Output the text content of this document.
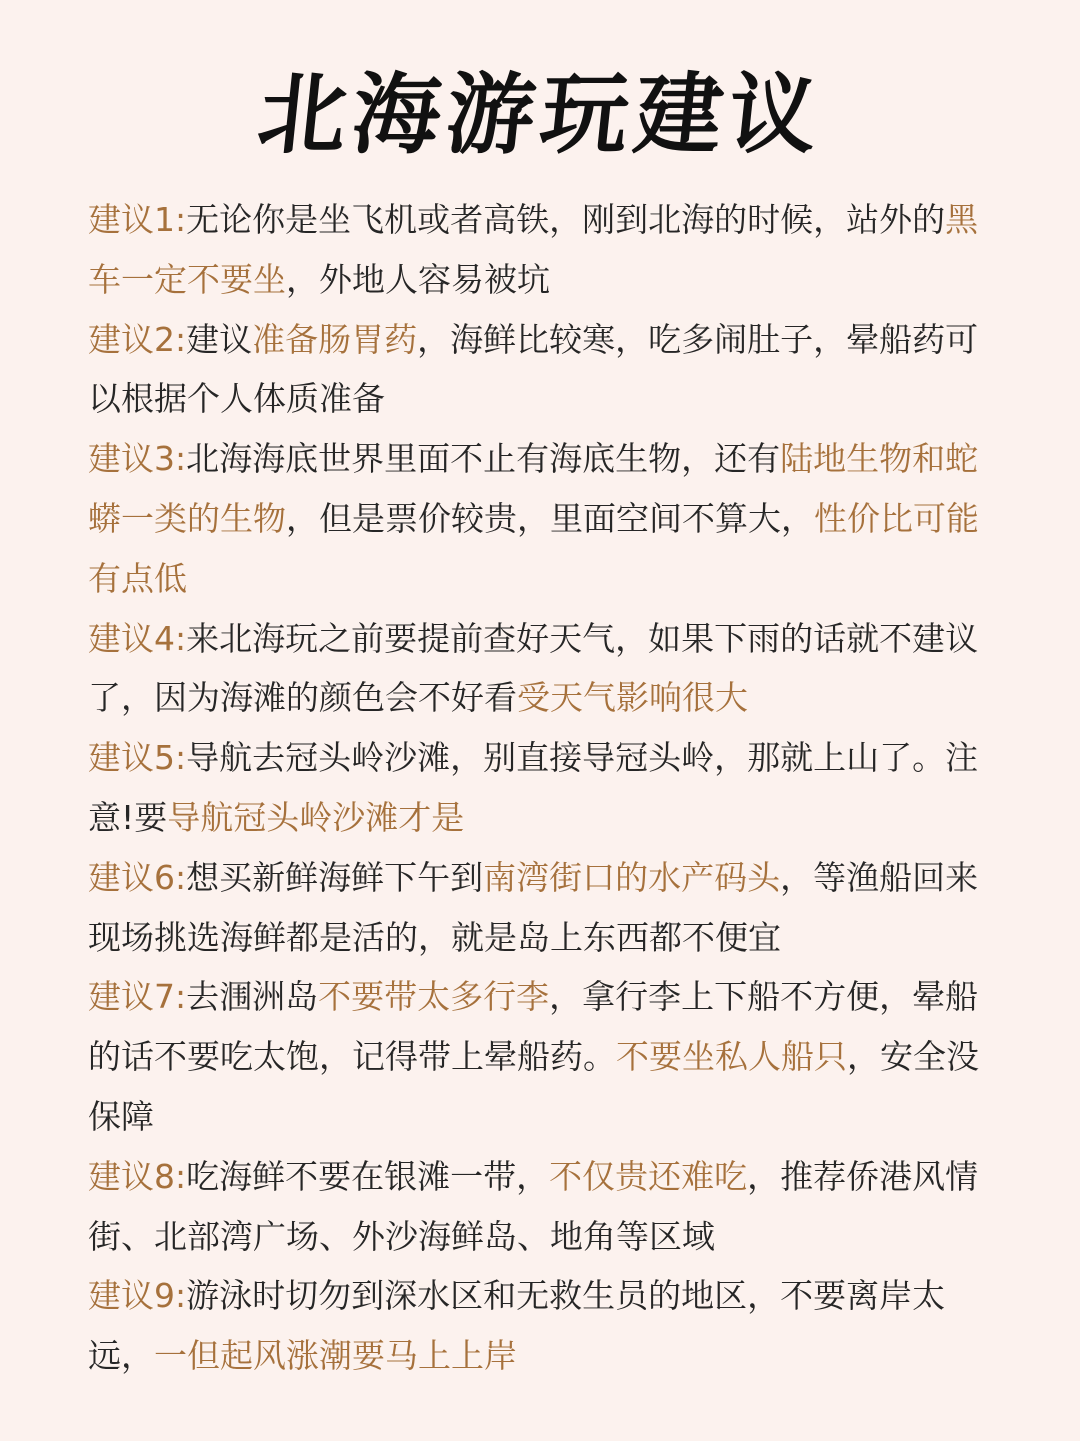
北海游玩建议

建议1:无论你是坐飞机或者高铁，刚到北海的时候，站外的黑车一定不要坐，外地人容易被坑

建议2:建议准备肠胃药，海鲜比较寒，吃多闹肚子，晕船药可以根据个人体质准备

建议3:北海海底世界里面不止有海底生物，还有陆地生物和蛇蟒一类的生物，但是票价较贵，里面空间不算大，性价比可能有点低

建议4:来北海玩之前要提前查好天气，如果下雨的话就不建议了，因为海滩的颜色会不好看受天气影响很大

建议5:导航去冠头岭沙滩，别直接导冠头岭，那就上山了。注意!要导航冠头岭沙滩才是

建议6:想买新鲜海鲜下午到南湾街口的水产码头，等渔船回来现场挑选海鲜都是活的，就是岛上东西都不便宜

建议7:去涠洲岛不要带太多行李，拿行李上下船不方便，晕船的话不要吃太饱，记得带上晕船药。不要坐私人船只，安全没保障

建议8:吃海鲜不要在银滩一带，不仅贵还难吃，推荐侨港风情街、北部湾广场、外沙海鲜岛、地角等区域

建议9:游泳时切勿到深水区和无救生员的地区，不要离岸太远，一但起风涨潮要马上上岸
